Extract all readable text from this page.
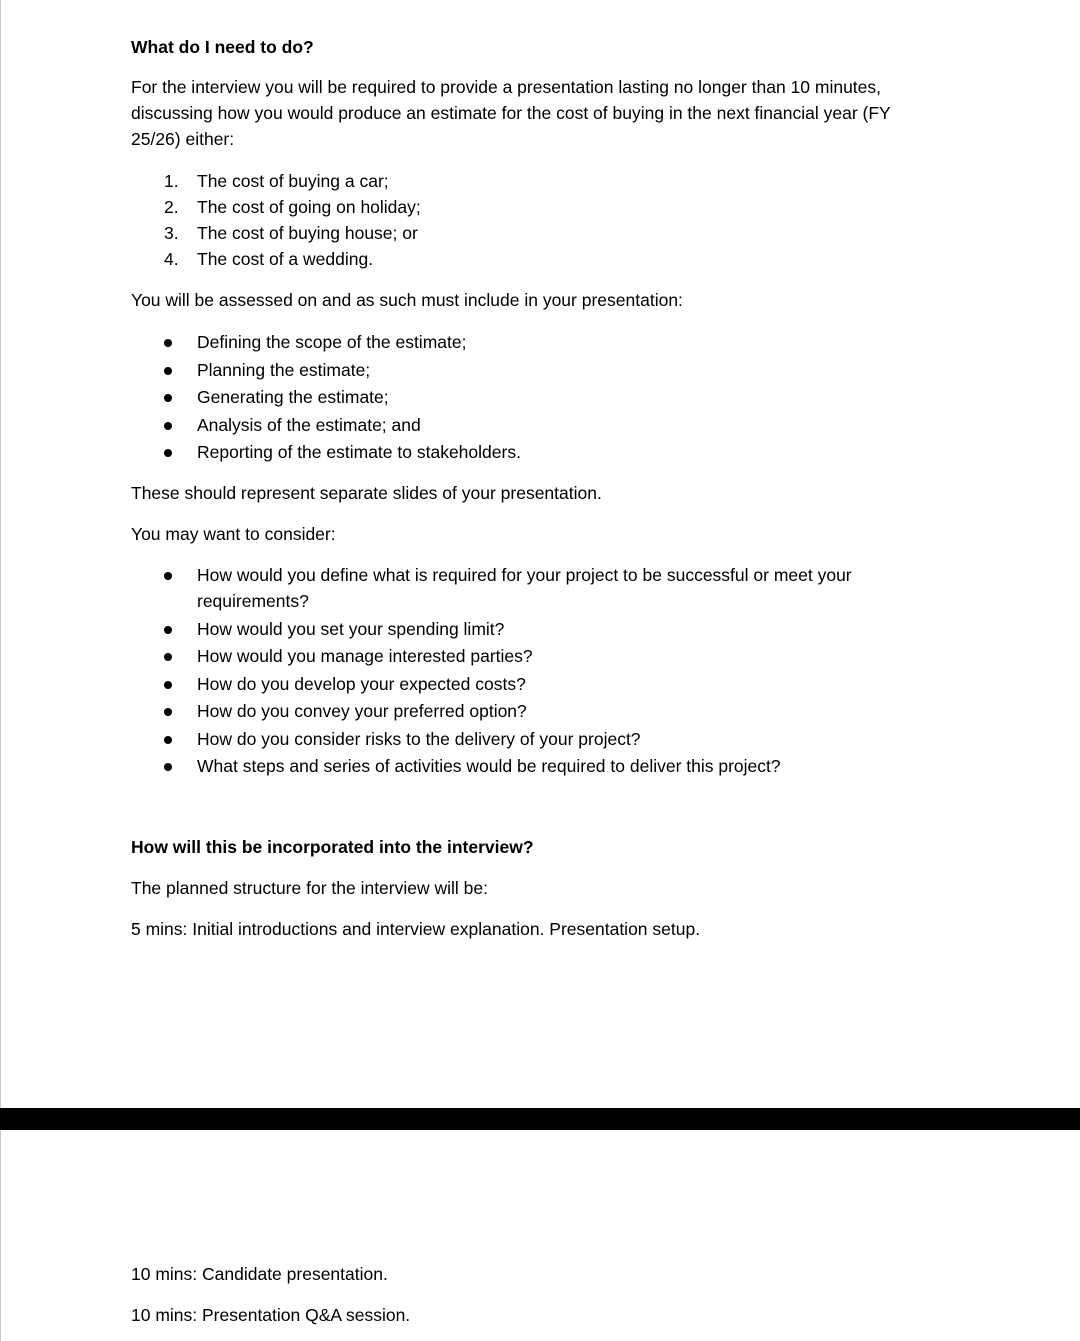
What do I need to do?

For the interview you will be required to provide a presentation lasting no longer than 10 minutes, discussing how you would produce an estimate for the cost of buying in the next financial year (FY 25/26) either:

1. The cost of buying a car;
2. The cost of going on holiday;
3. The cost of buying house; or
4. The cost of a wedding.

You will be assessed on and as such must include in your presentation:

Defining the scope of the estimate;
Planning the estimate;
Generating the estimate;
Analysis of the estimate; and
Reporting of the estimate to stakeholders.

These should represent separate slides of your presentation.

You may want to consider:

How would you define what is required for your project to be successful or meet your requirements?
How would you set your spending limit?
How would you manage interested parties?
How do you develop your expected costs?
How do you convey your preferred option?
How do you consider risks to the delivery of your project?
What steps and series of activities would be required to deliver this project?

How will this be incorporated into the interview?

The planned structure for the interview will be:

5 mins: Initial introductions and interview explanation. Presentation setup.

10 mins: Candidate presentation.

10 mins: Presentation Q&A session.
